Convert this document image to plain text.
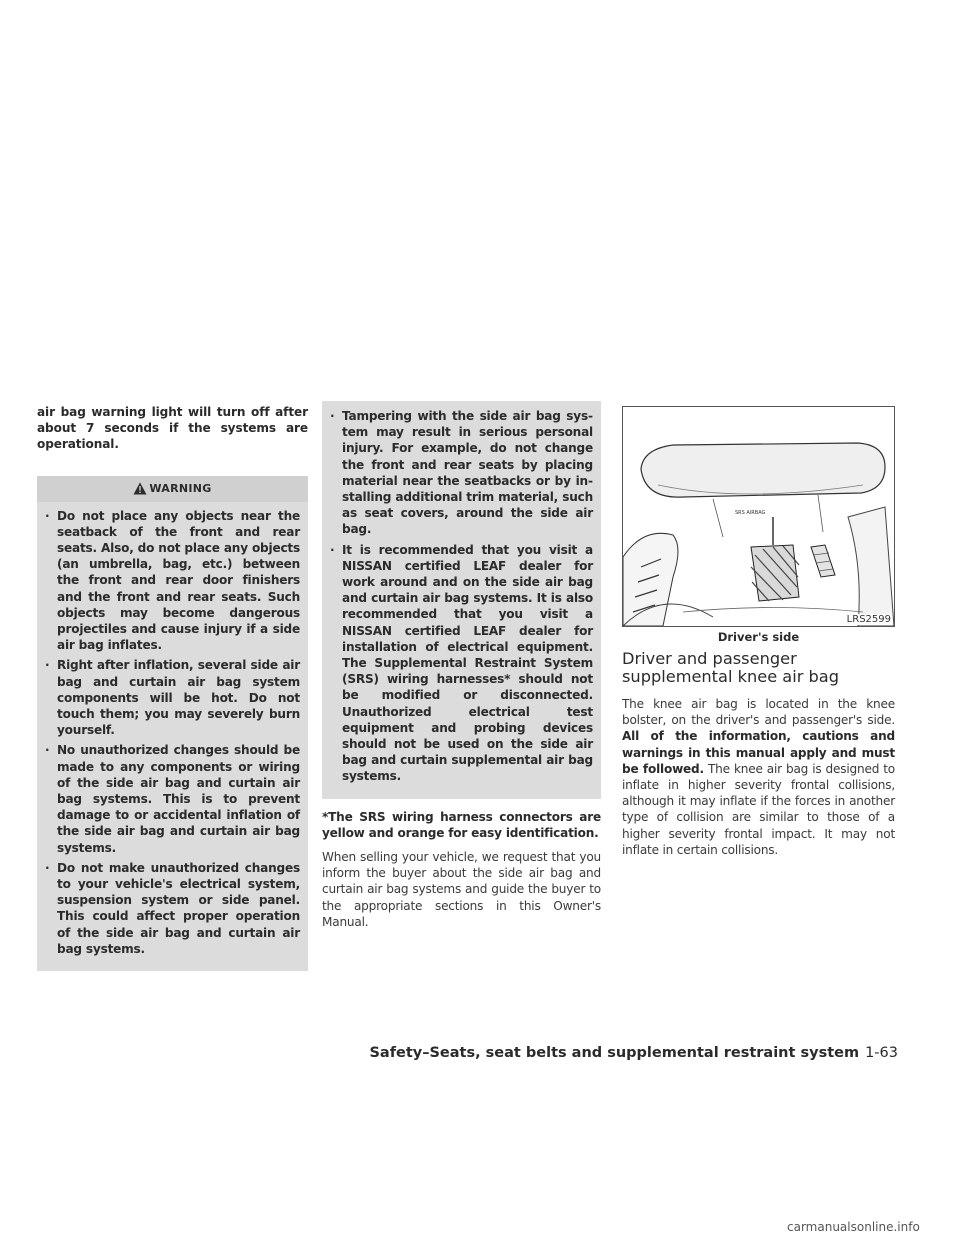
air bag warning light will turn off after about 7 seconds if the systems are operational.

WARNING
· Do not place any objects near the seatback of the front and rear seats. Also, do not place any objects (an umbrella, bag, etc.) between the front and rear door finishers and the front and rear seats. Such objects may become dangerous projectiles and cause injury if a side air bag inflates.
· Right after inflation, several side air bag and curtain air bag system components will be hot. Do not touch them; you may severely burn yourself.
· No unauthorized changes should be made to any components or wiring of the side air bag and curtain air bag systems. This is to prevent damage to or accidental inflation of the side air bag and curtain air bag systems.
· Do not make unauthorized changes to your vehicle's electrical system, suspension system or side panel. This could affect proper operation of the side air bag and curtain air bag systems.
· Tampering with the side air bag system may result in serious personal injury. For example, do not change the front and rear seats by placing material near the seatbacks or by installing additional trim material, such as seat covers, around the side air bag.
· It is recommended that you visit a NISSAN certified LEAF dealer for work around and on the side air bag and curtain air bag systems. It is also recommended that you visit a NISSAN certified LEAF dealer for installation of electrical equipment. The Supplemental Restraint System (SRS) wiring harnesses* should not be modified or disconnected. Unauthorized electrical test equipment and probing devices should not be used on the side air bag and curtain supplemental air bag systems.

*The SRS wiring harness connectors are yellow and orange for easy identification.

When selling your vehicle, we request that you inform the buyer about the side air bag and curtain air bag systems and guide the buyer to the appropriate sections in this Owner's Manual.

SRS AIRBAG
LRS2599
Driver's side
Driver and passenger supplemental knee air bag

The knee air bag is located in the knee bolster, on the driver's and passenger's side. All of the information, cautions and warnings in this manual apply and must be followed. The knee air bag is designed to inflate in higher severity frontal collisions, although it may inflate if the forces in another type of collision are similar to those of a higher severity frontal impact. It may not inflate in certain collisions.

Safety–Seats, seat belts and supplemental restraint system 1-63
carmanualsonline.info
